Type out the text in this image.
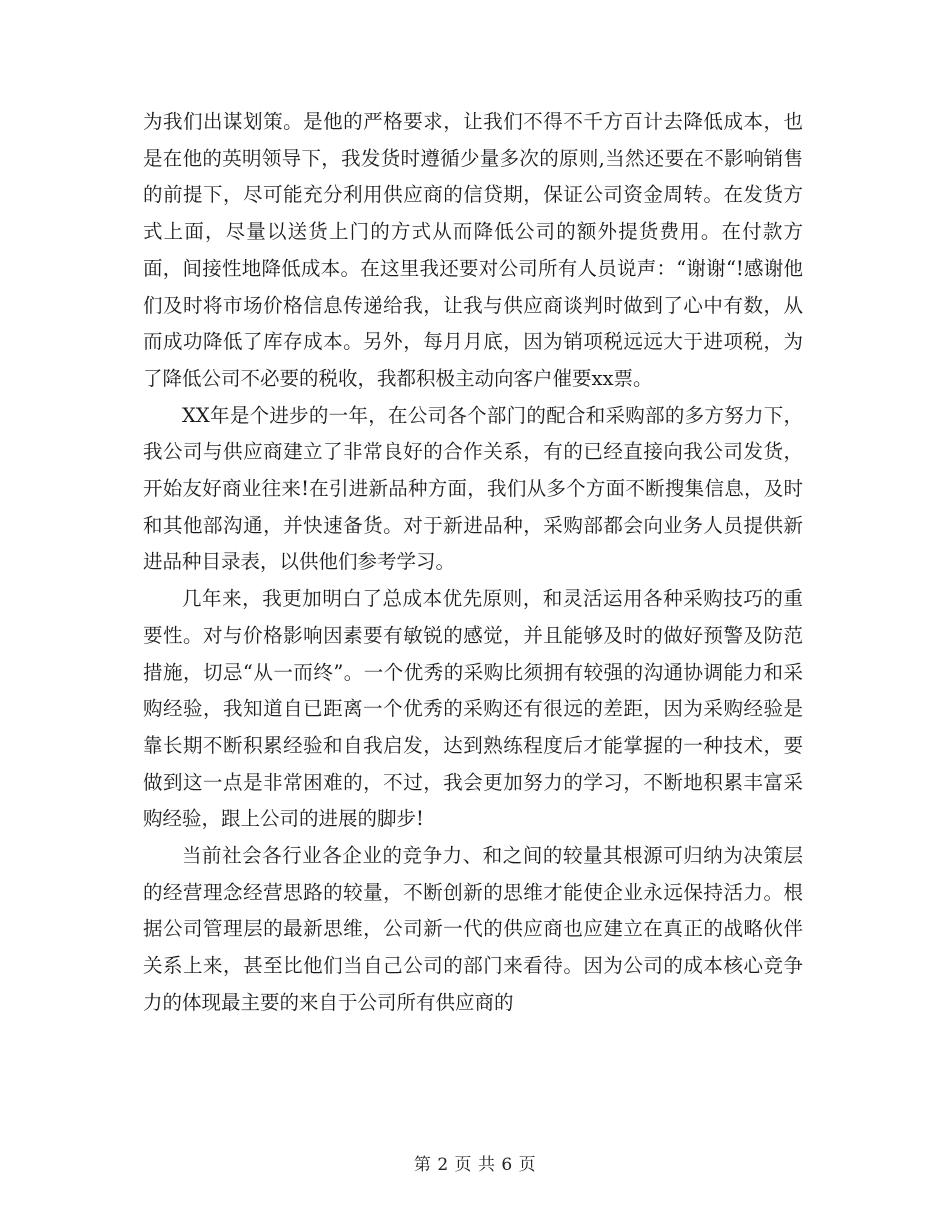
为我们出谋划策。是他的严格要求，让我们不得不千方百计去降低成本，也是在他的英明领导下，我发货时遵循少量多次的原则,当然还要在不影响销售的前提下，尽可能充分利用供应商的信贷期，保证公司资金周转。在发货方式上面，尽量以送货上门的方式从而降低公司的额外提货费用。在付款方面，间接性地降低成本。在这里我还要对公司所有人员说声：“谢谢“!感谢他们及时将市场价格信息传递给我，让我与供应商谈判时做到了心中有数，从而成功降低了库存成本。另外，每月月底，因为销项税远远大于进项税，为了降低公司不必要的税收，我都积极主动向客户催要xx票。

XX年是个进步的一年，在公司各个部门的配合和采购部的多方努力下，我公司与供应商建立了非常良好的合作关系，有的已经直接向我公司发货，开始友好商业往来!在引进新品种方面，我们从多个方面不断搜集信息，及时和其他部沟通，并快速备货。对于新进品种，采购部都会向业务人员提供新进品种目录表，以供他们参考学习。

几年来，我更加明白了总成本优先原则，和灵活运用各种采购技巧的重要性。对与价格影响因素要有敏锐的感觉，并且能够及时的做好预警及防范措施，切忌“从一而终”。一个优秀的采购比须拥有较强的沟通协调能力和采购经验，我知道自已距离一个优秀的采购还有很远的差距，因为采购经验是靠长期不断积累经验和自我启发，达到熟练程度后才能掌握的一种技术，要做到这一点是非常困难的，不过，我会更加努力的学习，不断地积累丰富采购经验，跟上公司的进展的脚步!

当前社会各行业各企业的竞争力、和之间的较量其根源可归纳为决策层的经营理念经营思路的较量，不断创新的思维才能使企业永远保持活力。根据公司管理层的最新思维，公司新一代的供应商也应建立在真正的战略伙伴关系上来，甚至比他们当自己公司的部门来看待。因为公司的成本核心竞争力的体现最主要的来自于公司所有供应商的

第 2 页 共 6 页
